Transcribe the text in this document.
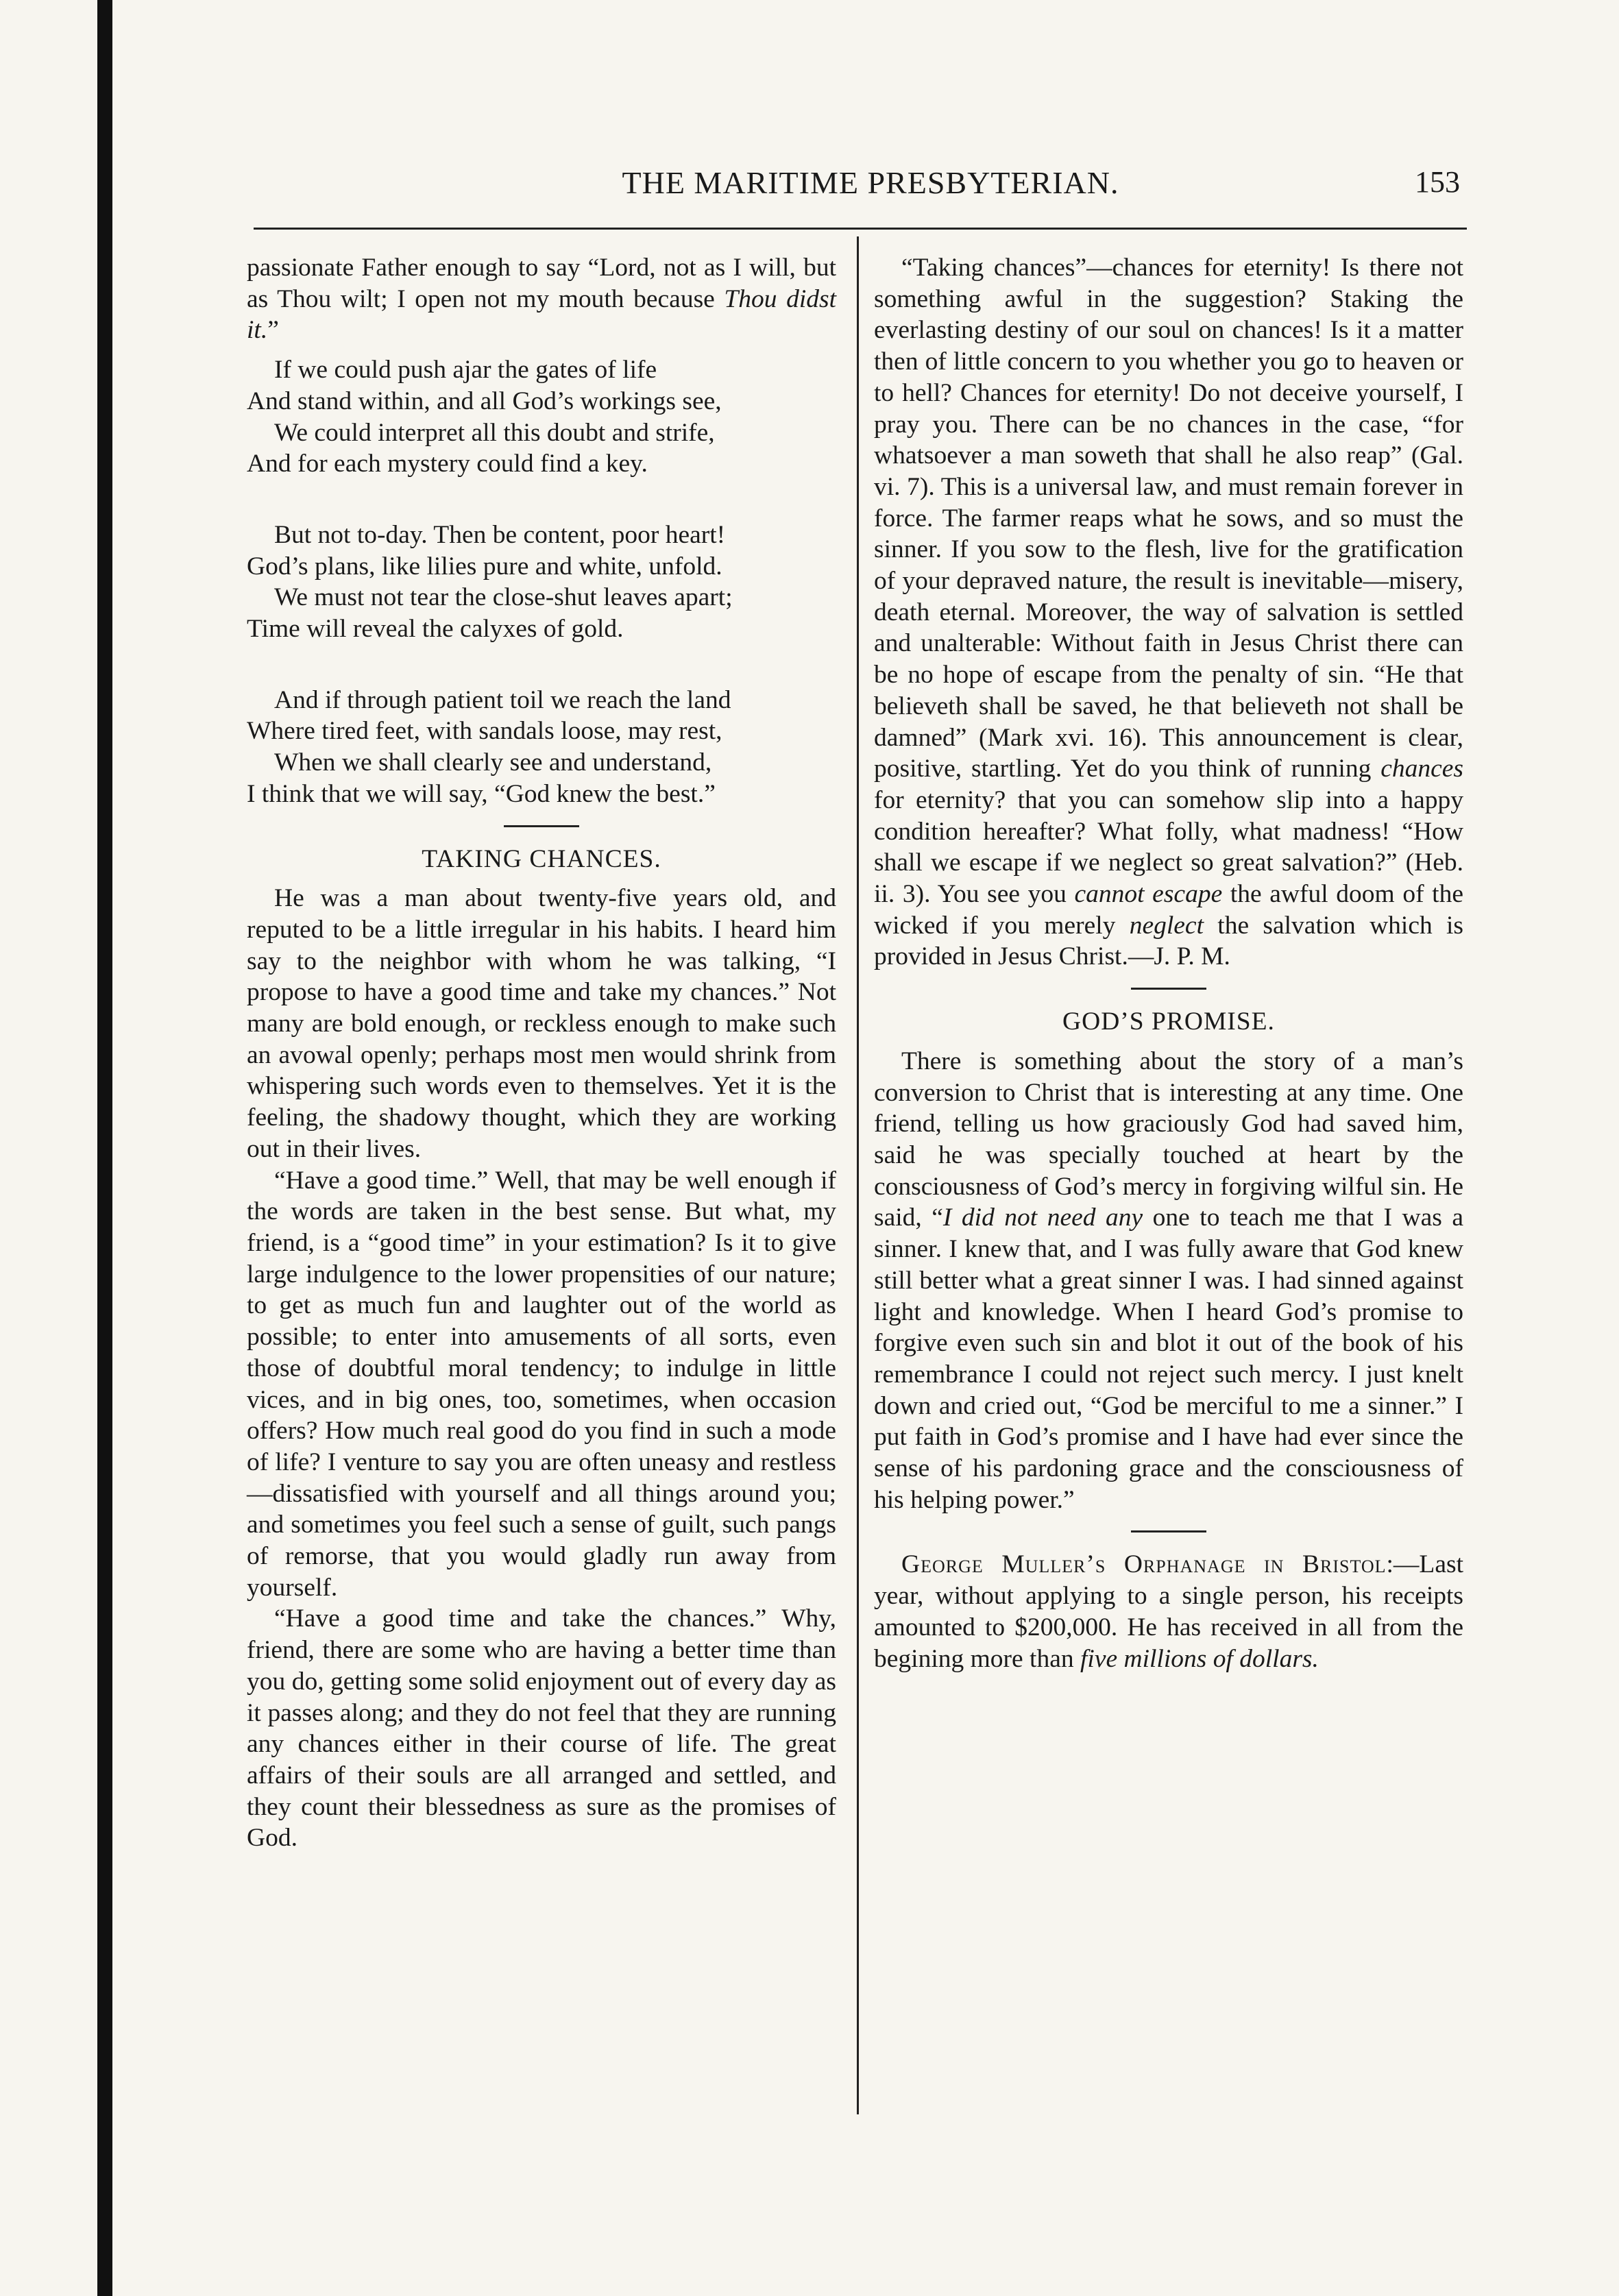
THE MARITIME PRESBYTERIAN.	153

passionate Father enough to say “Lord, not as I will, but as Thou wilt; I open not my mouth because Thou didst it.”

If we could push ajar the gates of life
And stand within, and all God’s workings see,
We could interpret all this doubt and strife,
And for each mystery could find a key.
But not to-day. Then be content, poor heart!
God’s plans, like lilies pure and white, unfold.
We must not tear the close-shut leaves apart;
Time will reveal the calyxes of gold.
And if through patient toil we reach the land
Where tired feet, with sandals loose, may rest,
When we shall clearly see and understand,
I think that we will say, “God knew the best.”
TAKING CHANCES.

He was a man about twenty-five years old, and reputed to be a little irregular in his habits. I heard him say to the neighbor with whom he was talking, “I propose to have a good time and take my chances.” Not many are bold enough, or reckless enough to make such an avowal openly; perhaps most men would shrink from whispering such words even to themselves. Yet it is the feeling, the shadowy thought, which they are working out in their lives.

“Have a good time.” Well, that may be well enough if the words are taken in the best sense. But what, my friend, is a “good time” in your estimation? Is it to give large indulgence to the lower propensities of our nature; to get as much fun and laughter out of the world as possible; to enter into amusements of all sorts, even those of doubtful moral tendency; to indulge in little vices, and in big ones, too, sometimes, when occasion offers? How much real good do you find in such a mode of life? I venture to say you are often uneasy and restless—dissatisfied with yourself and all things around you; and sometimes you feel such a sense of guilt, such pangs of remorse, that you would gladly run away from yourself.

“Have a good time and take the chances.” Why, friend, there are some who are having a better time than you do, getting some solid enjoyment out of every day as it passes along; and they do not feel that they are running any chances either in their course of life. The great affairs of their souls are all arranged and settled, and they count their blessedness as sure as the promises of God.

“Taking chances”—chances for eternity! Is there not something awful in the suggestion? Staking the everlasting destiny of our soul on chances! Is it a matter then of little concern to you whether you go to heaven or to hell? Chances for eternity! Do not deceive yourself, I pray you. There can be no chances in the case, “for whatsoever a man soweth that shall he also reap” (Gal. vi. 7). This is a universal law, and must remain forever in force. The farmer reaps what he sows, and so must the sinner. If you sow to the flesh, live for the gratification of your depraved nature, the result is inevitable—misery, death eternal. Moreover, the way of salvation is settled and unalterable: Without faith in Jesus Christ there can be no hope of escape from the penalty of sin. “He that believeth shall be saved, he that believeth not shall be damned” (Mark xvi. 16). This announcement is clear, positive, startling. Yet do you think of running chances for eternity? that you can somehow slip into a happy condition hereafter? What folly, what madness! “How shall we escape if we neglect so great salvation?” (Heb. ii. 3). You see you cannot escape the awful doom of the wicked if you merely neglect the salvation which is provided in Jesus Christ.—J. P. M.

GOD’S PROMISE.

There is something about the story of a man’s conversion to Christ that is interesting at any time. One friend, telling us how graciously God had saved him, said he was specially touched at heart by the consciousness of God’s mercy in forgiving wilful sin. He said, “I did not need any one to teach me that I was a sinner. I knew that, and I was fully aware that God knew still better what a great sinner I was. I had sinned against light and knowledge. When I heard God’s promise to forgive even such sin and blot it out of the book of his remembrance I could not reject such mercy. I just knelt down and cried out, “God be merciful to me a sinner.” I put faith in God’s promise and I have had ever since the sense of his pardoning grace and the consciousness of his helping power.”

George Muller’s Orphanage in Bristol:—Last year, without applying to a single person, his receipts amounted to $200,000. He has received in all from the begining more than five millions of dollars.
